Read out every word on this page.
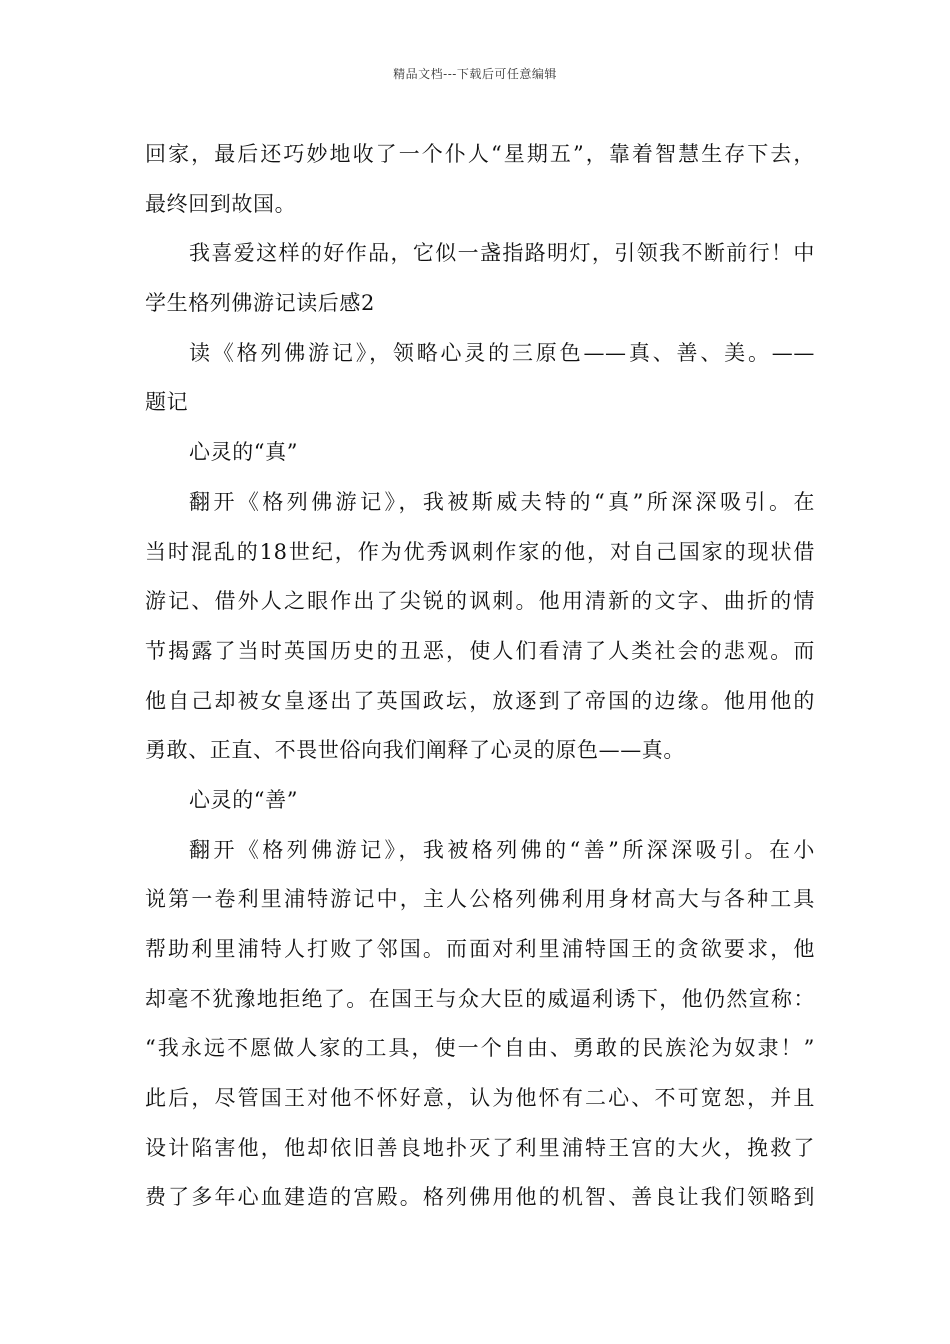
精品文档---下载后可任意编辑
回家，最后还巧妙地收了一个仆人“星期五”，靠着智慧生存下去，
最终回到故国。
我喜爱这样的好作品，它似一盏指路明灯，引领我不断前行！中
学生格列佛游记读后感2
读《格列佛游记》，领略心灵的三原色——真、善、美。——
题记
心灵的“真”
翻开《格列佛游记》，我被斯威夫特的“真”所深深吸引。在
当时混乱的18世纪，作为优秀讽刺作家的他，对自己国家的现状借
游记、借外人之眼作出了尖锐的讽刺。他用清新的文字、曲折的情
节揭露了当时英国历史的丑恶，使人们看清了人类社会的悲观。而
他自己却被女皇逐出了英国政坛，放逐到了帝国的边缘。他用他的
勇敢、正直、不畏世俗向我们阐释了心灵的原色——真。
心灵的“善”
翻开《格列佛游记》，我被格列佛的“善”所深深吸引。在小
说第一卷利里浦特游记中，主人公格列佛利用身材高大与各种工具
帮助利里浦特人打败了邻国。而面对利里浦特国王的贪欲要求，他
却毫不犹豫地拒绝了。在国王与众大臣的威逼利诱下，他仍然宣称：
“我永远不愿做人家的工具，使一个自由、勇敢的民族沦为奴隶！”
此后，尽管国王对他不怀好意，认为他怀有二心、不可宽恕，并且
设计陷害他，他却依旧善良地扑灭了利里浦特王宫的大火，挽救了
费了多年心血建造的宫殿。格列佛用他的机智、善良让我们领略到
